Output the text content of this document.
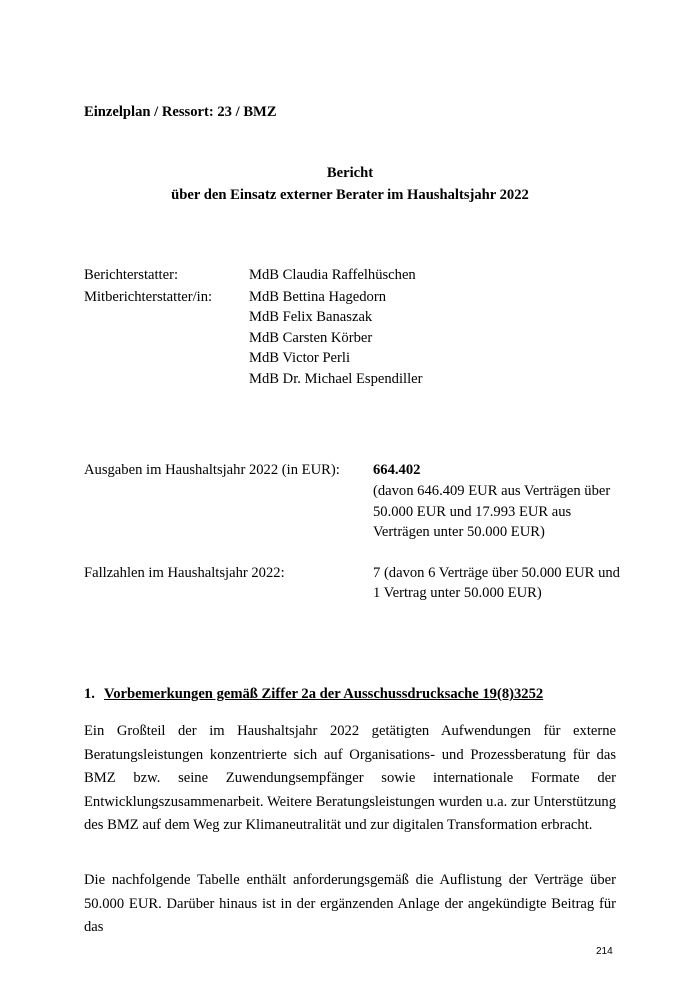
Einzelplan / Ressort: 23 / BMZ
Bericht
über den Einsatz externer Berater im Haushaltsjahr 2022
Berichterstatter:	MdB Claudia Raffelhüschen
Mitberichterstatter/in:	MdB Bettina Hagedorn
MdB Felix Banaszak
MdB Carsten Körber
MdB Victor Perli
MdB Dr. Michael Espendiller
Ausgaben im Haushaltsjahr 2022 (in EUR): 664.402
(davon 646.409 EUR aus Verträgen über
50.000 EUR und 17.993 EUR aus
Verträgen unter 50.000 EUR)
Fallzahlen im Haushaltsjahr 2022:	7 (davon 6 Verträge über 50.000 EUR und
1 Vertrag unter 50.000 EUR)
1. Vorbemerkungen gemäß Ziffer 2a der Ausschussdrucksache 19(8)3252
Ein Großteil der im Haushaltsjahr 2022 getätigten Aufwendungen für externe Beratungsleistungen konzentrierte sich auf Organisations- und Prozessberatung für das BMZ bzw. seine Zuwendungsempfänger sowie internationale Formate der Entwicklungszusammenarbeit. Weitere Beratungsleistungen wurden u.a. zur Unterstützung des BMZ auf dem Weg zur Klimaneutralität und zur digitalen Transformation erbracht.
Die nachfolgende Tabelle enthält anforderungsgemäß die Auflistung der Verträge über 50.000 EUR. Darüber hinaus ist in der ergänzenden Anlage der angekündigte Beitrag für das
214
